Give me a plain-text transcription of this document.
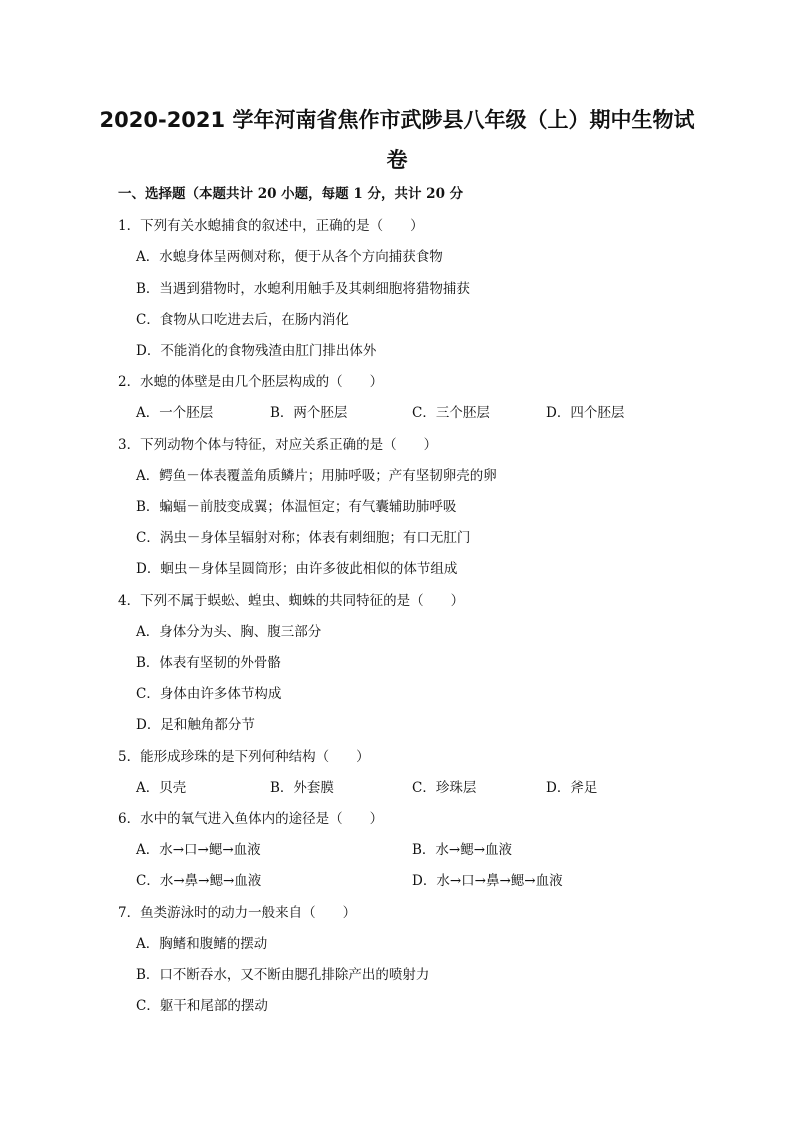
2020-2021 学年河南省焦作市武陟县八年级（上）期中生物试
卷
一、选择题（本题共计 20 小题，每题 1 分，共计 20 分
1．下列有关水螅捕食的叙述中，正确的是（　　）
A．水螅身体呈两侧对称，便于从各个方向捕获食物
B．当遇到猎物时，水螅利用触手及其刺细胞将猎物捕获
C．食物从口吃进去后，在肠内消化
D．不能消化的食物残渣由肛门排出体外
2．水螅的体壁是由几个胚层构成的（　　）
A．一个胚层	B．两个胚层	C．三个胚层	D．四个胚层
3．下列动物个体与特征，对应关系正确的是（　　）
A．鳄鱼－体表覆盖角质鳞片；用肺呼吸；产有坚韧卵壳的卵
B．蝙蝠－前肢变成翼；体温恒定；有气囊辅助肺呼吸
C．涡虫－身体呈辐射对称；体表有刺细胞；有口无肛门
D．蛔虫－身体呈圆筒形；由许多彼此相似的体节组成
4．下列不属于蜈蚣、蝗虫、蜘蛛的共同特征的是（　　）
A．身体分为头、胸、腹三部分
B．体表有坚韧的外骨骼
C．身体由许多体节构成
D．足和触角都分节
5．能形成珍珠的是下列何种结构（　　）
A．贝壳	B．外套膜	C．珍珠层	D．斧足
6．水中的氧气进入鱼体内的途径是（　　）
A．水→口→鳃→血液	B．水→鳃→血液
C．水→鼻→鳃→血液	D．水→口→鼻→鳃→血液
7．鱼类游泳时的动力一般来自（　　）
A．胸鳍和腹鳍的摆动
B．口不断吞水，又不断由腮孔排除产出的喷射力
C．躯干和尾部的摆动
